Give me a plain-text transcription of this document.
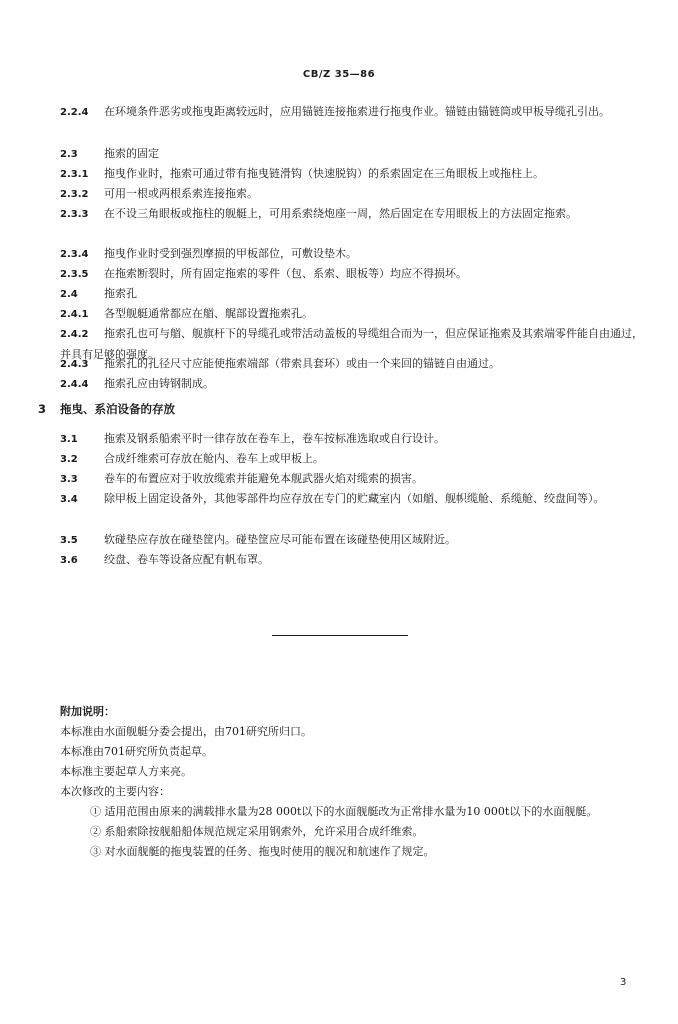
CB/Z 35—86
2.2.4 在环境条件恶劣或拖曳距离较远时，应用锚链连接拖索进行拖曳作业。锚链由锚链筒或甲板导缆孔引出。
2.3 拖索的固定
2.3.1 拖曳作业时，拖索可通过带有拖曳链滑钩（快速脱钩）的系索固定在三角眼板上或拖柱上。
2.3.2 可用一根或两根系索连接拖索。
2.3.3 在不设三角眼板或拖柱的舰艇上，可用系索绕炮座一周，然后固定在专用眼板上的方法固定拖索。
2.3.4 拖曳作业时受到强烈摩损的甲板部位，可敷设垫木。
2.3.5 在拖索断裂时，所有固定拖索的零件（包、系索、眼板等）均应不得损坏。
2.4 拖索孔
2.4.1 各型舰艇通常都应在艏、艉部设置拖索孔。
2.4.2 拖索孔也可与艏、舰旗杆下的导缆孔或带活动盖板的导缆组合而为一，但应保证拖索及其索端零件能自由通过，并具有足够的强度。
2.4.3 拖索孔的孔径尺寸应能使拖索端部（带索具套环）或由一个来回的锚链自由通过。
2.4.4 拖索孔应由铸钢制成。
3 拖曳、系泊设备的存放
3.1 拖索及钢系船索平时一律存放在卷车上，卷车按标准选取或自行设计。
3.2 合成纤维索可存放在舱内、卷车上或甲板上。
3.3 卷车的布置应对于收放缆索并能避免本舰武器火焰对缆索的损害。
3.4 除甲板上固定设备外，其他零部件均应存放在专门的贮藏室内（如艏、舰帜缆舱、系缆舱、绞盘间等）。
3.5 软碰垫应存放在碰垫筐内。碰垫筐应尽可能布置在该碰垫使用区域附近。
3.6 绞盘、卷车等设备应配有帆布罩。
附加说明：
本标准由水面舰艇分委会提出，由701研究所归口。
本标准由701研究所负责起草。
本标准主要起草人方来亮。
本次修改的主要内容：
① 适用范围由原来的满载排水量为28 000t以下的水面舰艇改为正常排水量为10 000t以下的水面舰艇。
② 系船索除按舰船船体规范规定采用钢索外，允许采用合成纤维索。
③ 对水面舰艇的拖曳装置的任务、拖曳时使用的舰况和航速作了规定。
3
